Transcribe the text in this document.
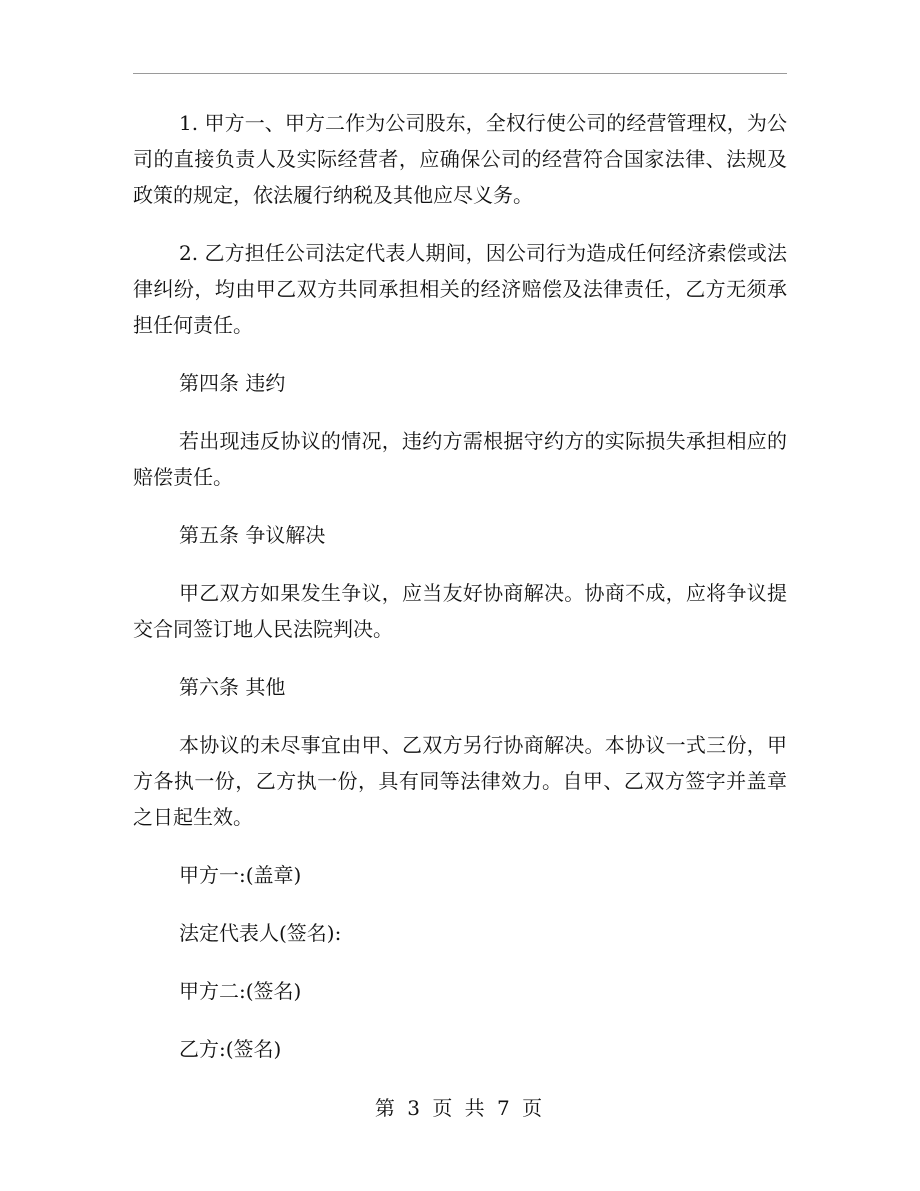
1. 甲方一、甲方二作为公司股东，全权行使公司的经营管理权，为公司的直接负责人及实际经营者，应确保公司的经营符合国家法律、法规及政策的规定，依法履行纳税及其他应尽义务。

2. 乙方担任公司法定代表人期间，因公司行为造成任何经济索偿或法律纠纷，均由甲乙双方共同承担相关的经济赔偿及法律责任，乙方无须承担任何责任。

第四条 违约

若出现违反协议的情况，违约方需根据守约方的实际损失承担相应的赔偿责任。

第五条 争议解决

甲乙双方如果发生争议，应当友好协商解决。协商不成，应将争议提交合同签订地人民法院判决。

第六条 其他

本协议的未尽事宜由甲、乙双方另行协商解决。本协议一式三份，甲方各执一份，乙方执一份，具有同等法律效力。自甲、乙双方签字并盖章之日起生效。

甲方一:(盖章)

法定代表人(签名):

甲方二:(签名)

乙方:(签名)

第 3 页 共 7 页
